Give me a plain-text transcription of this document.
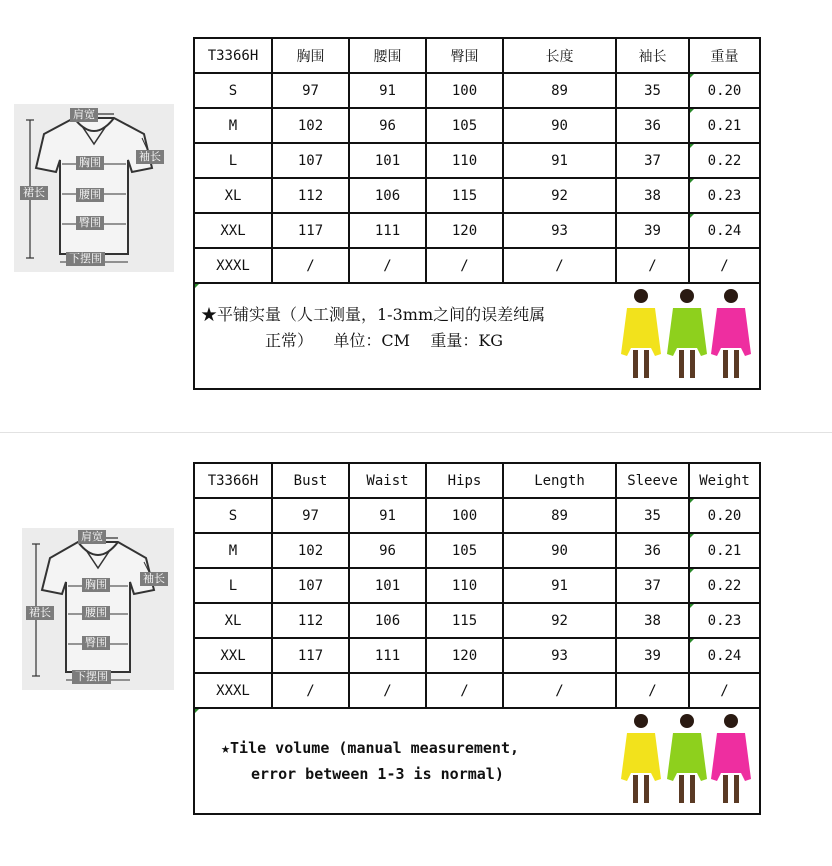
肩宽
袖长
胸围
裙长	腰围
臀围
下摆围
T3366H	胸围	腰围	臀围	长度	袖长	重量
S	97	91	100	89	35	0.20
M	102	96	105	90	36	0.21
L	107	101	110	91	37	0.22
XL	112	106	115	92	38	0.23
XXL	117	111	120	93	39	0.24
XXXL	/	/	/	/	/	/

★平铺实量（人工测量，1-3mm之间的误差纯属
正常）    单位：CM    重量：KG						
肩宽
袖长
胸围
裙长	腰围
臀围
下摆围
T3366H	Bust	Waist	Hips	Length	Sleeve	Weight
S	97	91	100	89	35	0.20
M	102	96	105	90	36	0.21
L	107	101	110	91	37	0.22
XL	112	106	115	92	38	0.23
XXL	117	111	120	93	39	0.24
XXXL	/	/	/	/	/	/

★Tile volume (manual measurement,
error between 1-3 is normal)						
